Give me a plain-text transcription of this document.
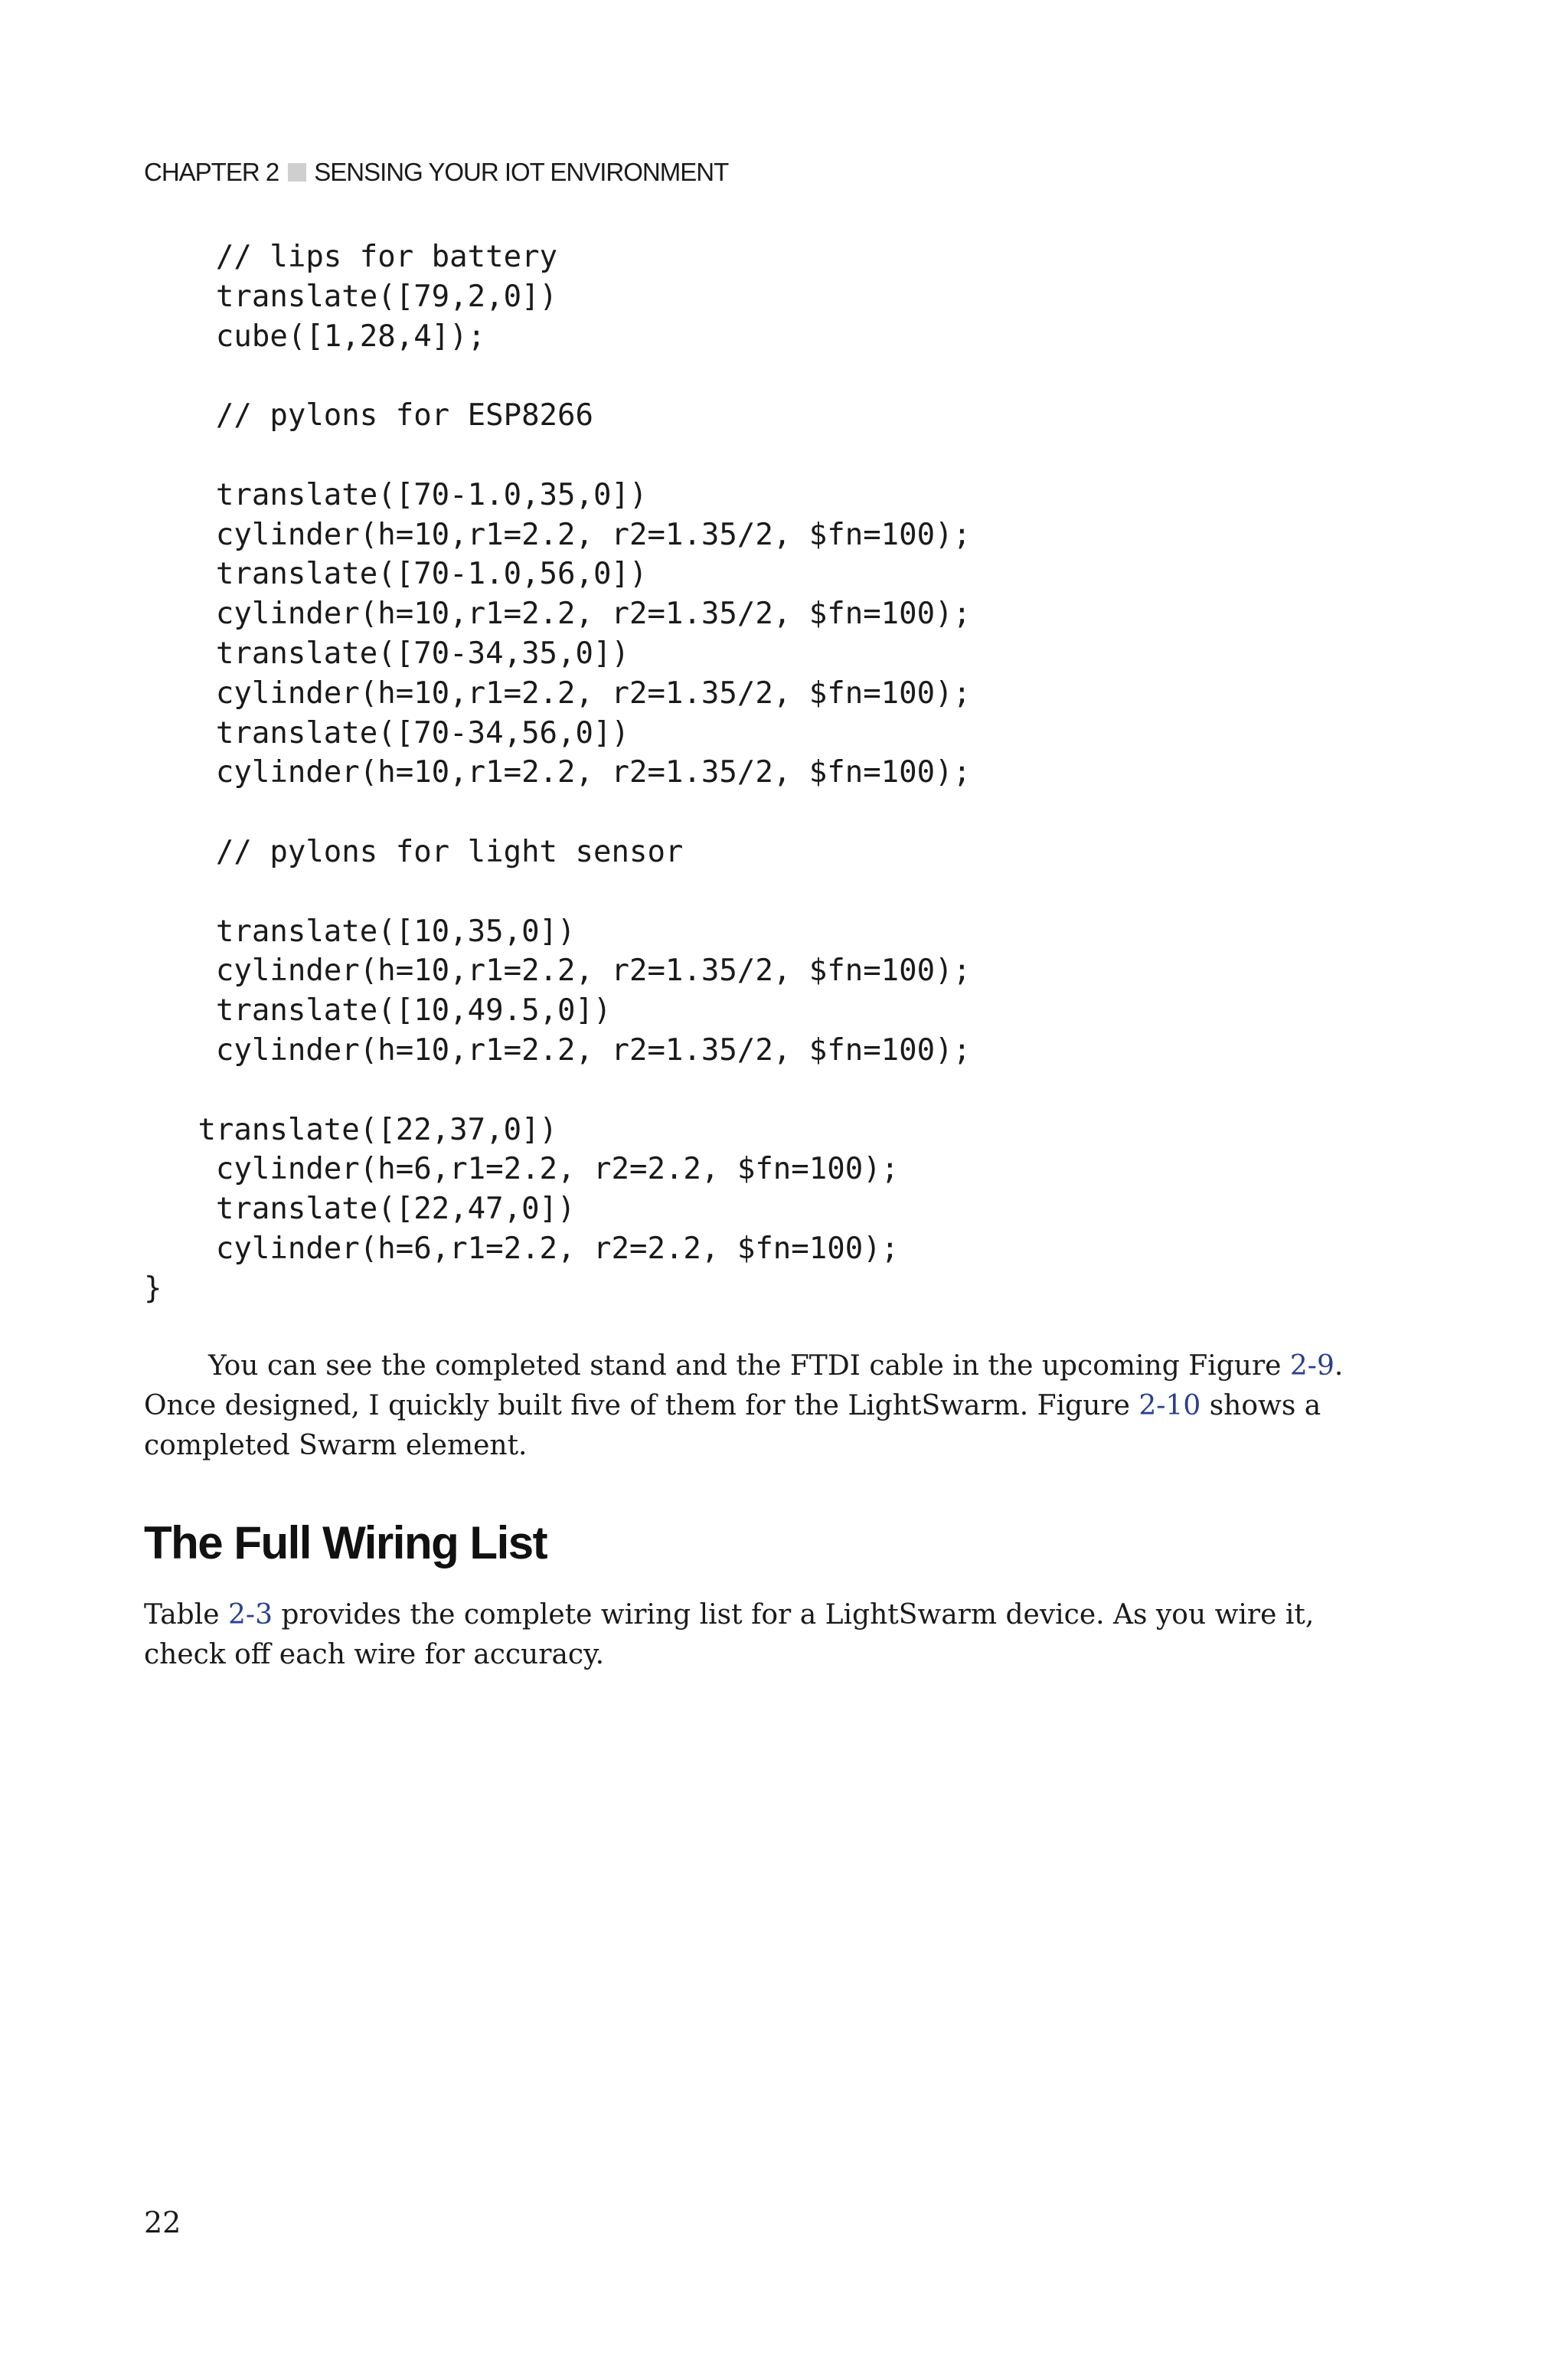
CHAPTER 2 SENSING YOUR IOT ENVIRONMENT
// lips for battery
translate([79,2,0])
cube([1,28,4]);
// pylons for ESP8266
translate([70-1.0,35,0])
cylinder(h=10,r1=2.2, r2=1.35/2, $fn=100);
translate([70-1.0,56,0])
cylinder(h=10,r1=2.2, r2=1.35/2, $fn=100);
translate([70-34,35,0])
cylinder(h=10,r1=2.2, r2=1.35/2, $fn=100);
translate([70-34,56,0])
cylinder(h=10,r1=2.2, r2=1.35/2, $fn=100);
// pylons for light sensor
translate([10,35,0])
cylinder(h=10,r1=2.2, r2=1.35/2, $fn=100);
translate([10,49.5,0])
cylinder(h=10,r1=2.2, r2=1.35/2, $fn=100);
translate([22,37,0])
cylinder(h=6,r1=2.2, r2=2.2, $fn=100);
translate([22,47,0])
cylinder(h=6,r1=2.2, r2=2.2, $fn=100);
}

You can see the completed stand and the FTDI cable in the upcoming Figure 2-9. Once designed, I quickly built five of them for the LightSwarm. Figure 2-10 shows a completed Swarm element.

The Full Wiring List

Table 2-3 provides the complete wiring list for a LightSwarm device. As you wire it, check off each wire for accuracy.

22
